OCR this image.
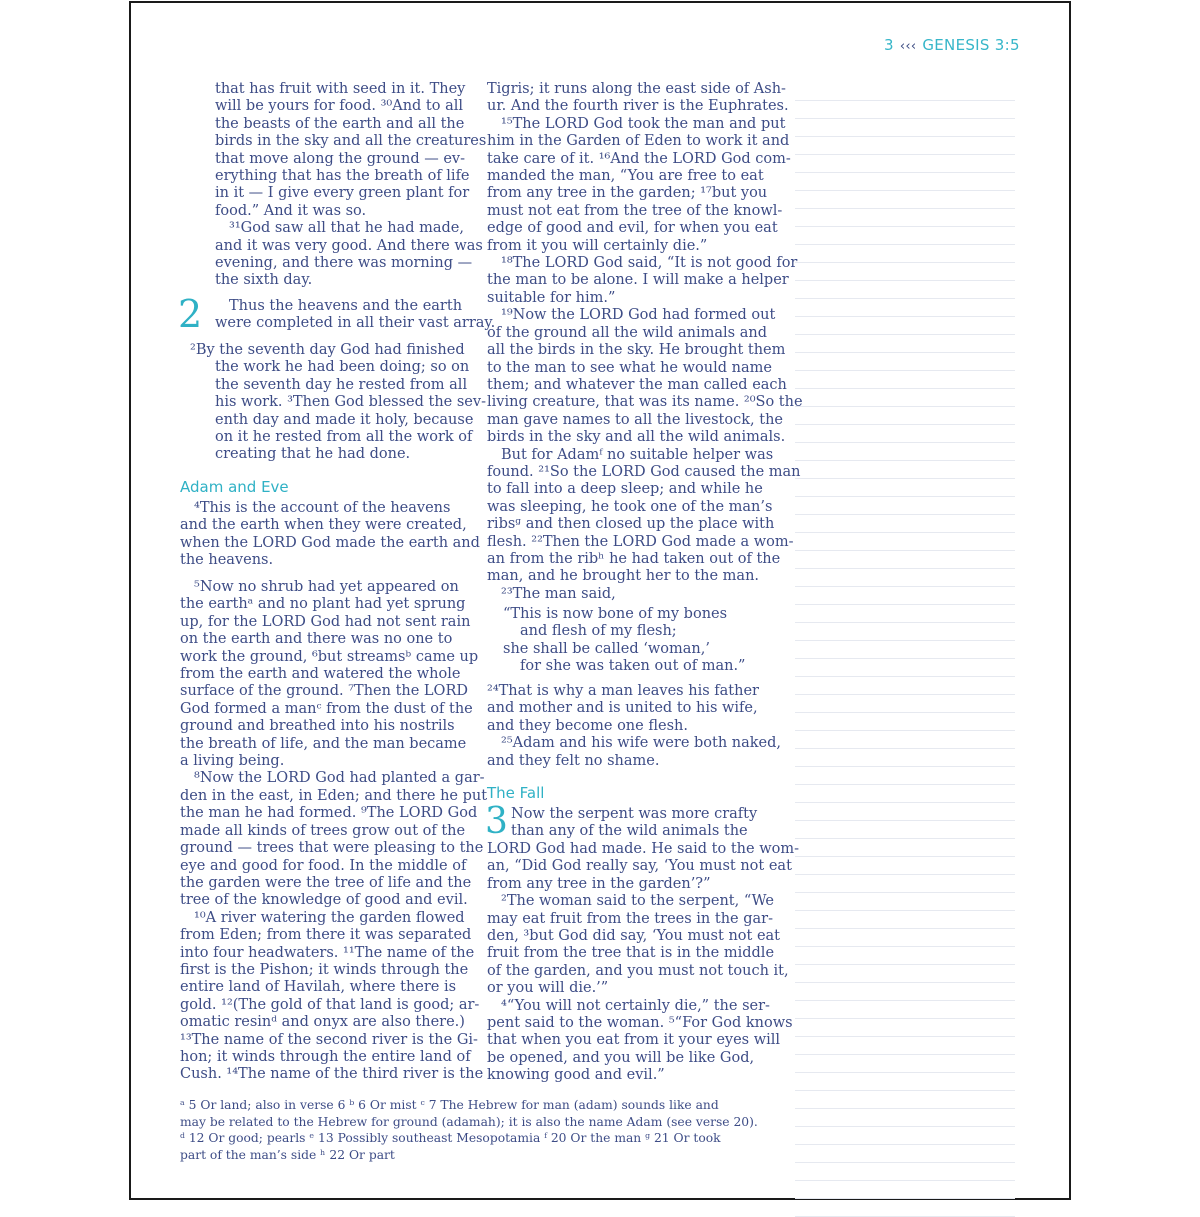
3 ‹‹‹ GENESIS 3:5

that has fruit with seed in it. They

will be yours for food. ³⁰And to all

the beasts of the earth and all the

birds in the sky and all the creatures

that move along the ground — ev-

erything that has the breath of life

in it — I give every green plant for

food.” And it was so.

³¹God saw all that he had made,

and it was very good. And there was

evening, and there was morning —

the sixth day.

2	Thus the heavens and the earth

were completed in all their vast array.

²By the seventh day God had finished

the work he had been doing; so on

the seventh day he rested from all

his work. ³Then God blessed the sev-

enth day and made it holy, because

on it he rested from all the work of

creating that he had done.

Adam and Eve

⁴This is the account of the heavens

and the earth when they were created,

when the LORD God made the earth and

the heavens.

⁵Now no shrub had yet appeared on

the earthᵃ and no plant had yet sprung

up, for the LORD God had not sent rain

on the earth and there was no one to

work the ground, ⁶but streamsᵇ came up

from the earth and watered the whole

surface of the ground. ⁷Then the LORD

God formed a manᶜ from the dust of the

ground and breathed into his nostrils

the breath of life, and the man became

a living being.

⁸Now the LORD God had planted a gar-

den in the east, in Eden; and there he put

the man he had formed. ⁹The LORD God

made all kinds of trees grow out of the

ground — trees that were pleasing to the

eye and good for food. In the middle of

the garden were the tree of life and the

tree of the knowledge of good and evil.

¹⁰A river watering the garden flowed

from Eden; from there it was separated

into four headwaters. ¹¹The name of the

first is the Pishon; it winds through the

entire land of Havilah, where there is

gold. ¹²(The gold of that land is good; ar-

omatic resinᵈ and onyx are also there.)

¹³The name of the second river is the Gi-

hon; it winds through the entire land of

Cush. ¹⁴The name of the third river is the

Tigris; it runs along the east side of Ash-

ur. And the fourth river is the Euphrates.

¹⁵The LORD God took the man and put

him in the Garden of Eden to work it and

take care of it. ¹⁶And the LORD God com-

manded the man, “You are free to eat

from any tree in the garden; ¹⁷but you

must not eat from the tree of the knowl-

edge of good and evil, for when you eat

from it you will certainly die.”

¹⁸The LORD God said, “It is not good for

the man to be alone. I will make a helper

suitable for him.”

¹⁹Now the LORD God had formed out

of the ground all the wild animals and

all the birds in the sky. He brought them

to the man to see what he would name

them; and whatever the man called each

living creature, that was its name. ²⁰So the

man gave names to all the livestock, the

birds in the sky and all the wild animals.

But for Adamᶠ no suitable helper was

found. ²¹So the LORD God caused the man

to fall into a deep sleep; and while he

was sleeping, he took one of the man’s

ribsᵍ and then closed up the place with

flesh. ²²Then the LORD God made a wom-

an from the ribʰ he had taken out of the

man, and he brought her to the man.

²³The man said,

“This is now bone of my bones

and flesh of my flesh;

she shall be called ‘woman,’

for she was taken out of man.”

²⁴That is why a man leaves his father

and mother and is united to his wife,

and they become one flesh.

²⁵Adam and his wife were both naked,

and they felt no shame.

The Fall
3 Now the serpent was more crafty

than any of the wild animals the

LORD God had made. He said to the wom-

an, “Did God really say, ‘You must not eat

from any tree in the garden’?”

²The woman said to the serpent, “We

may eat fruit from the trees in the gar-

den, ³but God did say, ‘You must not eat

fruit from the tree that is in the middle

of the garden, and you must not touch it,

or you will die.’”

⁴“You will not certainly die,” the ser-

pent said to the woman. ⁵“For God knows

that when you eat from it your eyes will

be opened, and you will be like God,

knowing good and evil.”

ᵃ 5 Or land; also in verse 6 ᵇ 6 Or mist ᶜ 7 The Hebrew for man (adam) sounds like and

may be related to the Hebrew for ground (adamah); it is also the name Adam (see verse 20).

ᵈ 12 Or good; pearls ᵉ 13 Possibly southeast Mesopotamia ᶠ 20 Or the man ᵍ 21 Or took

part of the man’s side ʰ 22 Or part
